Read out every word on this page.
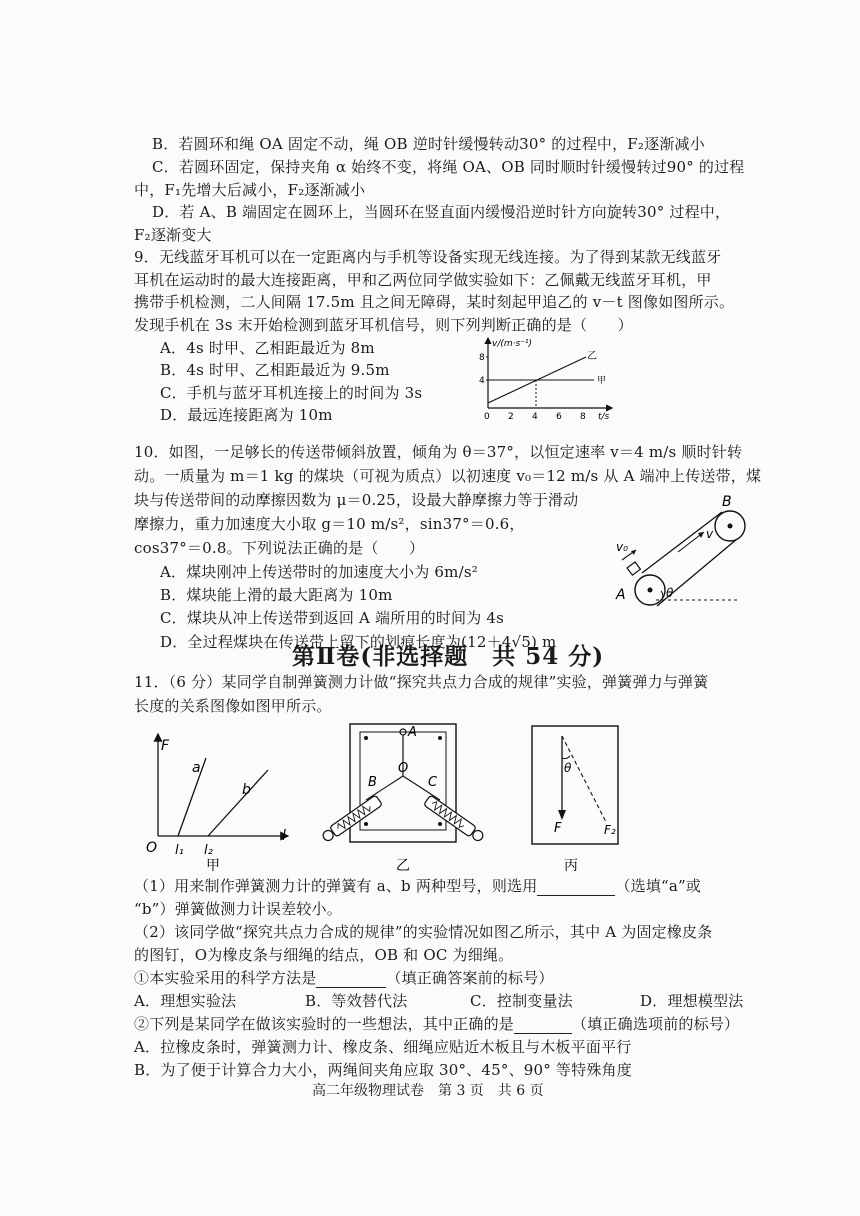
B．若圆环和绳 OA 固定不动，绳 OB 逆时针缓慢转动30° 的过程中，F₂逐渐减小
C．若圆环固定，保持夹角 α 始终不变，将绳 OA、OB 同时顺时针缓慢转过90° 的过程
中，F₁先增大后减小，F₂逐渐减小
D．若 A、B 端固定在圆环上，当圆环在竖直面内缓慢沿逆时针方向旋转30° 过程中，
F₂逐渐变大
9．无线蓝牙耳机可以在一定距离内与手机等设备实现无线连接。为了得到某款无线蓝牙
耳机在运动时的最大连接距离，甲和乙两位同学做实验如下：乙佩戴无线蓝牙耳机，甲
携带手机检测，二人间隔 17.5m 且之间无障碍，某时刻起甲追乙的 v－t 图像如图所示。
发现手机在 3s 末开始检测到蓝牙耳机信号，则下列判断正确的是（　　）
A．4s 时甲、乙相距最近为 8m
B．4s 时甲、乙相距最近为 9.5m
C．手机与蓝牙耳机连接上的时间为 3s
D．最远连接距离为 10m
v/(m·s⁻¹)
8
4
0 2 4 6 8 t/s
乙
甲
10．如图，一足够长的传送带倾斜放置，倾角为 θ＝37°，以恒定速率 v＝4 m/s 顺时针转
动。一质量为 m＝1 kg 的煤块（可视为质点）以初速度 v₀＝12 m/s 从 A 端冲上传送带，煤
块与传送带间的动摩擦因数为 μ＝0.25，设最大静摩擦力等于滑动
摩擦力，重力加速度大小取 g＝10 m/s²，sin37°＝0.6，
cos37°＝0.8。下列说法正确的是（　　）
A．煤块刚冲上传送带时的加速度大小为 6m/s²
B．煤块能上滑的最大距离为 10m
C．煤块从冲上传送带到返回 A 端所用的时间为 4s
D．全过程煤块在传送带上留下的划痕长度为(12＋4√5) m
v₀
v
B
A	θ
第Ⅱ卷(非选择题　共 54 分)
11．（6 分）某同学自制弹簧测力计做“探究共点力合成的规律”实验，弹簧弹力与弹簧
长度的关系图像如图甲所示。
F
a
b
O l₁ l₂
l
甲
A
O
B	C
乙
θ
F	F₂
丙
（1）用来制作弹簧测力计的弹簧有 a、b 两种型号，则选用	（选填“a”或
“b”）弹簧做测力计误差较小。
（2）该同学做“探究共点力合成的规律”的实验情况如图乙所示，其中 A 为固定橡皮条
的图钉，O为橡皮条与细绳的结点，OB 和 OC 为细绳。
①本实验采用的科学方法是	（填正确答案前的标号）
A．理想实验法	B．等效替代法	C．控制变量法	D．理想模型法
②下列是某同学在做该实验时的一些想法，其中正确的是	（填正确选项前的标号）
A．拉橡皮条时，弹簧测力计、橡皮条、细绳应贴近木板且与木板平面平行
B．为了便于计算合力大小，两绳间夹角应取 30°、45°、90° 等特殊角度
高二年级物理试卷　第 3 页　共 6 页
